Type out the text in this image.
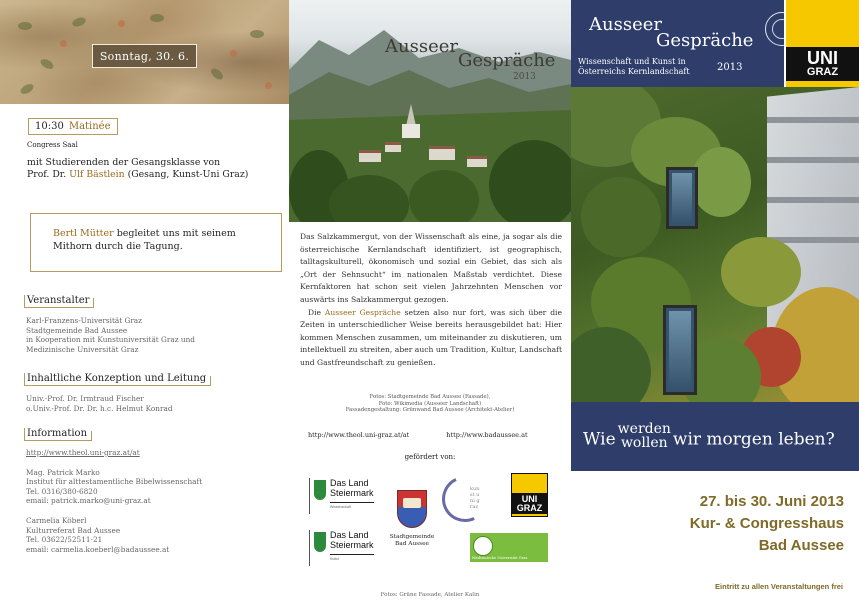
Sonntag, 30. 6.
10:30 Matinée
Congress Saal
mit Studierenden der Gesangsklasse von
Prof. Dr. Ulf Bästlein (Gesang, Kunst-Uni Graz)
Bertl Mütter begleitet uns mit seinem Mithorn durch die Tagung.
Veranstalter
Karl-Franzens-Universität Graz
Stadtgemeinde Bad Aussee
in Kooperation mit Kunstuniversität Graz und
Medizinische Universität Graz
Inhaltliche Konzeption und Leitung
Univ.-Prof. Dr. Irmtraud Fischer
o.Univ.-Prof. Dr. Dr. h.c. Helmut Konrad
Information
http://www.theol.uni-graz.at/at
Mag. Patrick Marko
Institut für alttestamentliche Bibelwissenschaft
Tel. 0316/380-6820
email: patrick.marko@uni-graz.at
Carmelia Köberl
Kulturreferat Bad Aussee
Tel. 03622/52511-21
email: carmelia.koeberl@badaussee.at
AusseerGespräche
2013
Das Salzkammergut, von der Wissenschaft als eine, ja sogar als die österreichische Kernlandschaft identifiziert, ist geographisch, talltagskulturell, ökonomisch und sozial ein Gebiet, das sich als „Ort der Sehnsucht“ im nationalen Maßstab verdichtet. Diese Kernfaktoren hat schon seit vielen Jahrzehnten Menschen vor auswärts ins Salzkammergut gezogen.
Die Ausseer Gespräche setzen also nur fort, was sich über die Zeiten in unterschiedlicher Weise bereits herausgebildet hat: Hier kommen Menschen zusammen, um miteinander zu diskutieren, um intellektuell zu streiten, aber auch um Tradition, Kultur, Landschaft und Gastfreundschaft zu genießen.
Fotos: Stadtgemeinde Bad Aussee (Fassade),
Foto: Wikimedia (Ausseer Landschaft)
Fassadengestaltung: Grünwand Bad Aussee (Architekt-Atelier)
http://www.theol.uni-graz.at/at	http://www.badaussee.at
gefördert von:
Das Land
Steiermark
Wissenschaft
Das Land
Steiermark
Kultur
Stadtgemeinde Bad Aussee
kunst uni graz
UNI
GRAZ
Medizinische Universität Graz
Fotos: Grüne Fassade, Atelier Kalin
Ausseer
Gespräche
Wissenschaft und Kunst in
Österreichs Kernlandschaft	2013	UNI
GRAZ
Wie
werden
wollen wir morgen leben?
27. bis 30. Juni 2013
Kur- & Congresshaus
Bad Aussee
Eintritt zu allen Veranstaltungen frei
